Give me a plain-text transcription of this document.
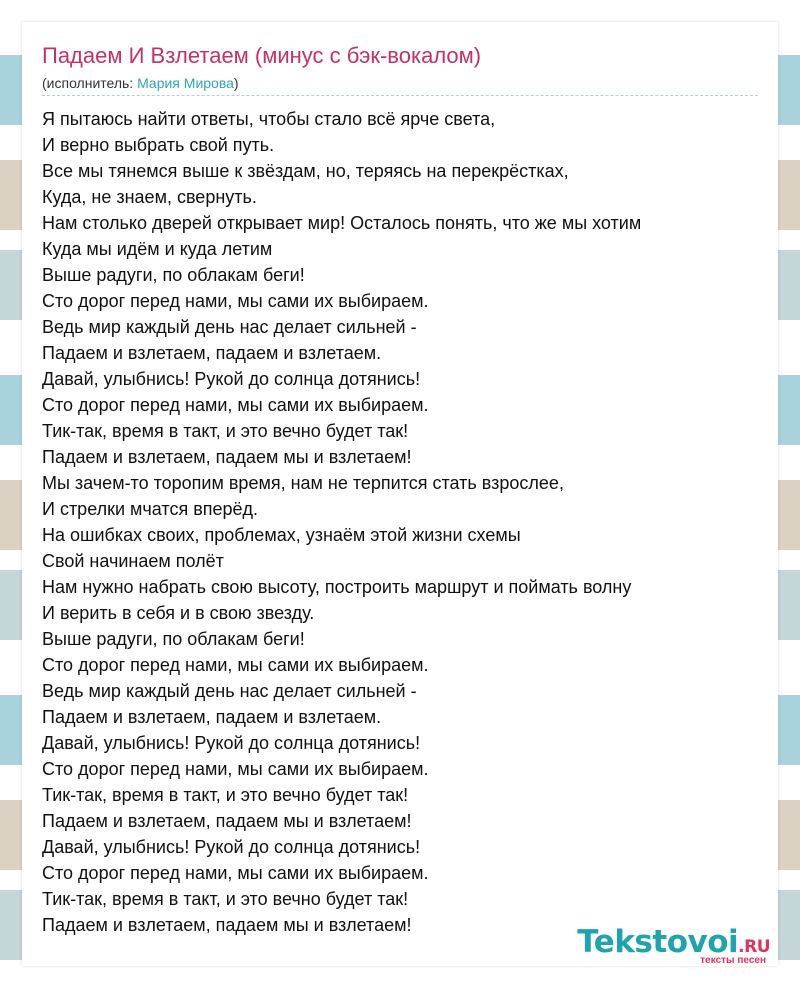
Падаем И Взлетаем (минус с бэк-вокалом)
(исполнитель: Мария Мирова)
Я пытаюсь найти ответы, чтобы стало всё ярче света,
И верно выбрать свой путь.
Все мы тянемся выше к звёздам, но, теряясь на перекрёстках,
Куда, не знаем, свернуть.
Нам столько дверей открывает мир! Осталось понять, что же мы хотим
Куда мы идём и куда летим
Выше радуги, по облакам беги!
Сто дорог перед нами, мы сами их выбираем.
Ведь мир каждый день нас делает сильней -
Падаем и взлетаем, падаем и взлетаем.
Давай, улыбнись! Рукой до солнца дотянись!
Сто дорог перед нами, мы сами их выбираем.
Тик-так, время в такт, и это вечно будет так!
Падаем и взлетаем, падаем мы и взлетаем!
Мы зачем-то торопим время, нам не терпится стать взрослее,
И стрелки мчатся вперёд.
На ошибках своих, проблемах, узнаём этой жизни схемы
Свой начинаем полёт
Нам нужно набрать свою высоту, построить маршрут и поймать волну
И верить в себя и в свою звезду.
Выше радуги, по облакам беги!
Сто дорог перед нами, мы сами их выбираем.
Ведь мир каждый день нас делает сильней -
Падаем и взлетаем, падаем и взлетаем.
Давай, улыбнись! Рукой до солнца дотянись!
Сто дорог перед нами, мы сами их выбираем.
Тик-так, время в такт, и это вечно будет так!
Падаем и взлетаем, падаем мы и взлетаем!
Давай, улыбнись! Рукой до солнца дотянись!
Сто дорог перед нами, мы сами их выбираем.
Тик-так, время в такт, и это вечно будет так!
Падаем и взлетаем, падаем мы и взлетаем!	Tekstovoi.RU
тексты песен
